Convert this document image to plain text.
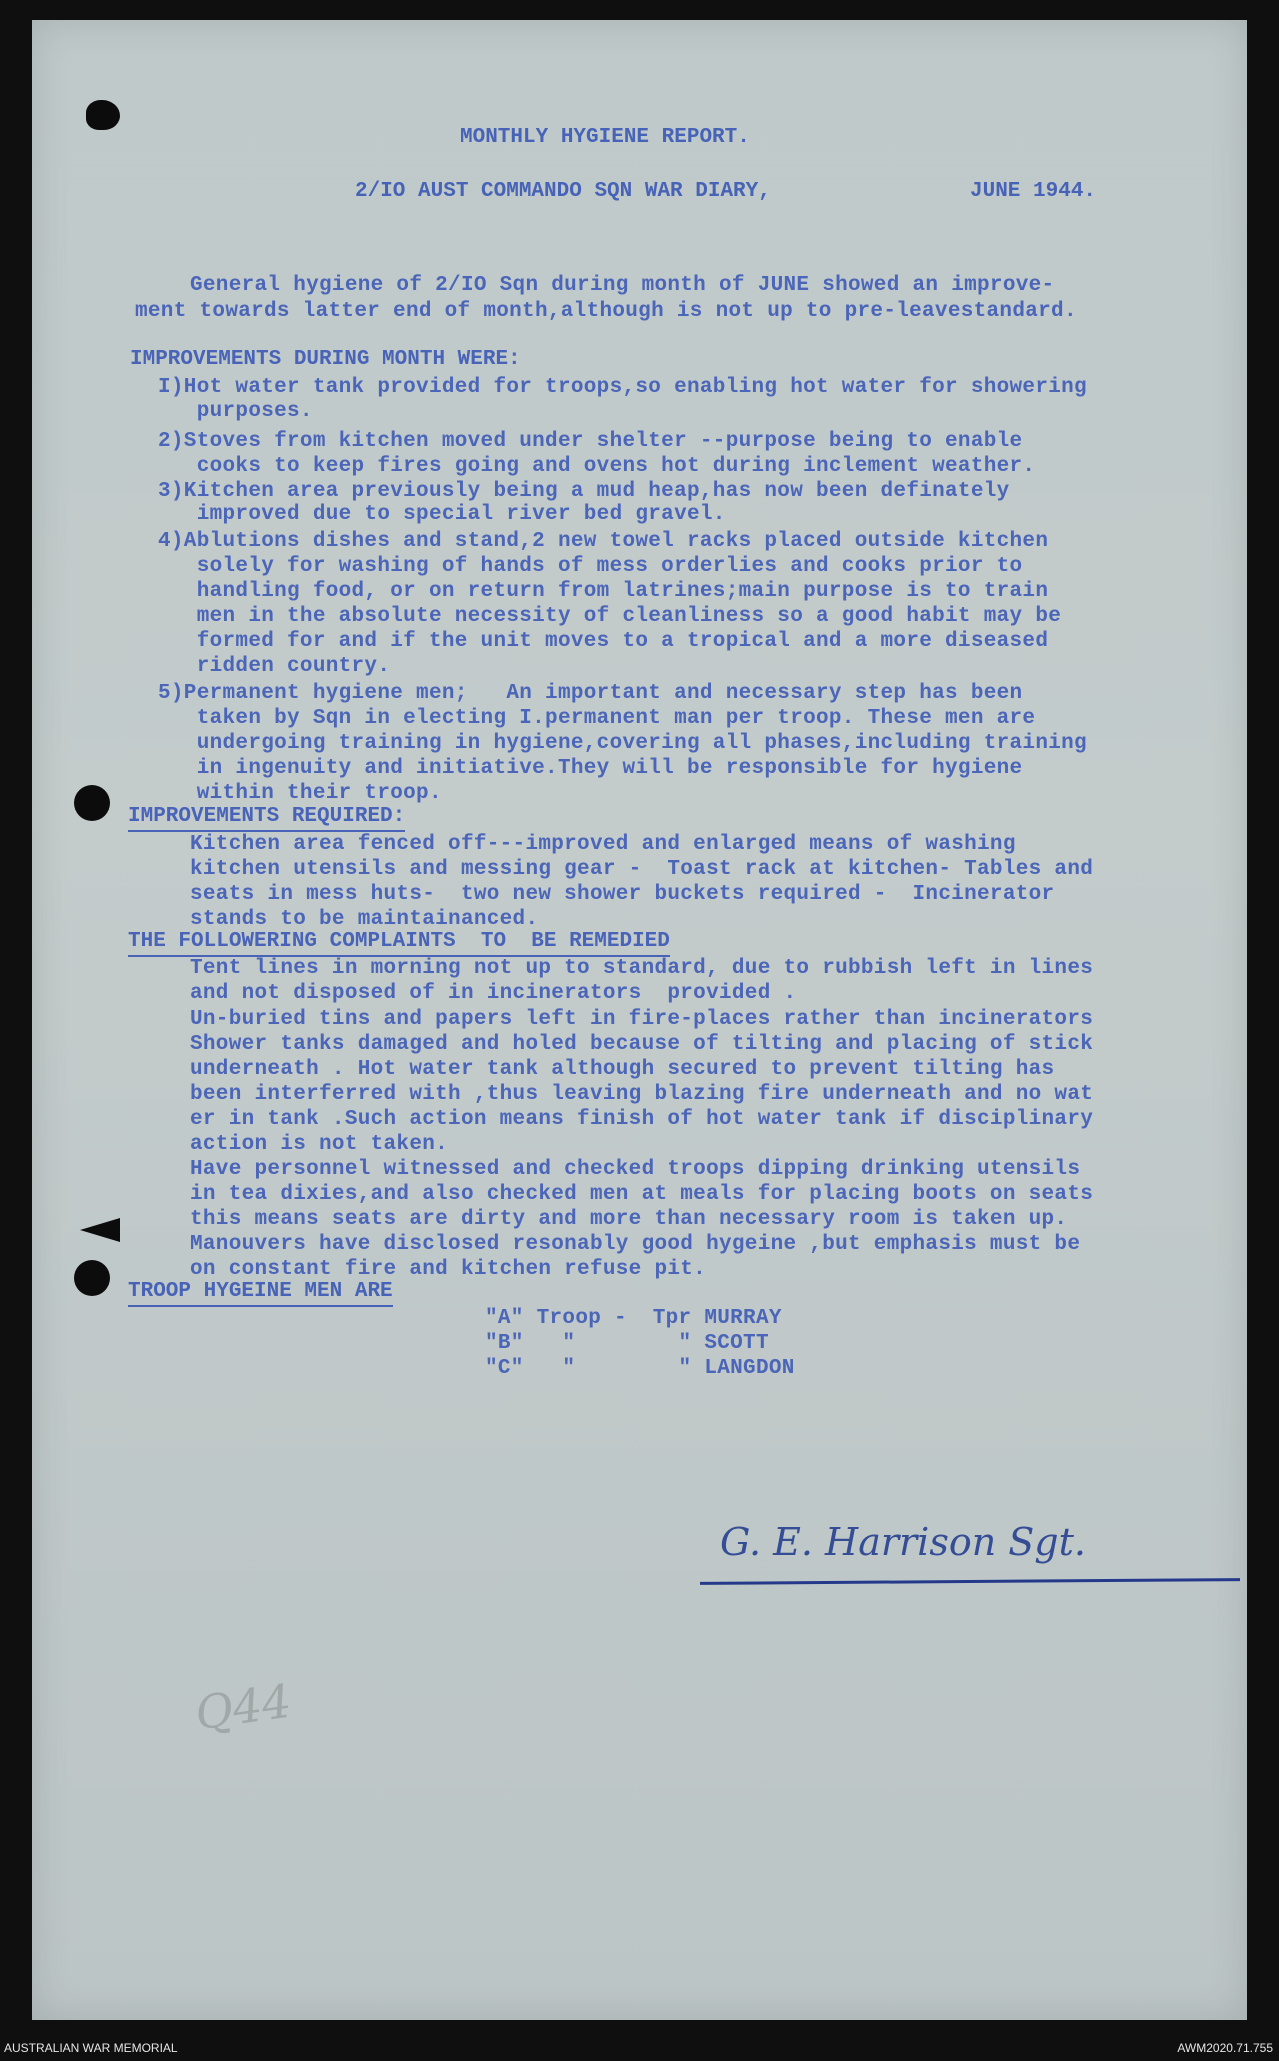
MONTHLY HYGIENE REPORT.
2/IO AUST COMMANDO SQN WAR DIARY,	JUNE 1944.
General hygiene of 2/IO Sqn during month of JUNE showed an improve-
ment towards latter end of month,although is not up to pre-leavestandard.
IMPROVEMENTS DURING MONTH WERE:
I)Hot water tank provided for troops,so enabling hot water for showering
purposes.
2)Stoves from kitchen moved under shelter --purpose being to enable
cooks to keep fires going and ovens hot during inclement weather.
3)Kitchen area previously being a mud heap,has now been definately
improved due to special river bed gravel.
4)Ablutions dishes and stand,2 new towel racks placed outside kitchen
solely for washing of hands of mess orderlies and cooks prior to
handling food, or on return from latrines;main purpose is to train
men in the absolute necessity of cleanliness so a good habit may be
formed for and if the unit moves to a tropical and a more diseased
ridden country.
5)Permanent hygiene men;   An important and necessary step has been
taken by Sqn in electing I.permanent man per troop. These men are
undergoing training in hygiene,covering all phases,including training
in ingenuity and initiative.They will be responsible for hygiene
within their troop.
IMPROVEMENTS REQUIRED:
Kitchen area fenced off---improved and enlarged means of washing
kitchen utensils and messing gear -  Toast rack at kitchen- Tables and
seats in mess huts-  two new shower buckets required -  Incinerator
stands to be maintainanced.
THE FOLLOWERING COMPLAINTS  TO  BE REMEDIED
Tent lines in morning not up to standard, due to rubbish left in lines
and not disposed of in incinerators  provided .
Un-buried tins and papers left in fire-places rather than incinerators
Shower tanks damaged and holed because of tilting and placing of stick
underneath . Hot water tank although secured to prevent tilting has
been interferred with ,thus leaving blazing fire underneath and no wat
er in tank .Such action means finish of hot water tank if disciplinary
action is not taken.
Have personnel witnessed and checked troops dipping drinking utensils
in tea dixies,and also checked men at meals for placing boots on seats
this means seats are dirty and more than necessary room is taken up.
Manouvers have disclosed resonably good hygeine ,but emphasis must be
on constant fire and kitchen refuse pit.
TROOP HYGEINE MEN ARE
"A" Troop -  Tpr MURRAY
"B"   "        " SCOTT
"C"   "        " LANGDON
G. E. Harrison Sgt.
Q44
AUSTRALIAN WAR MEMORIAL	AWM2020.71.755
